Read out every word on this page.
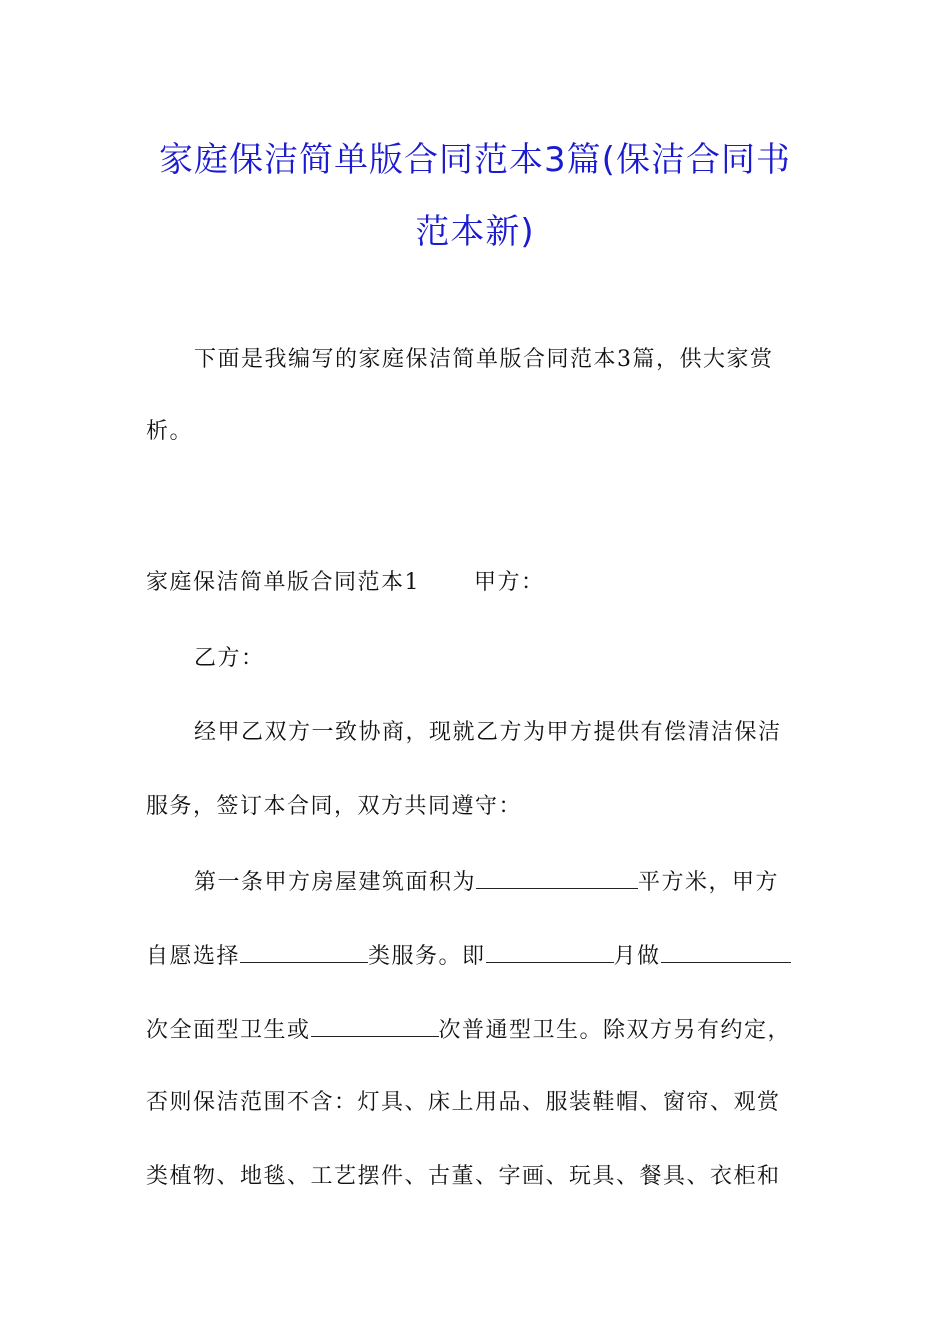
家庭保洁简单版合同范本3篇(保洁合同书
范本新)
下面是我编写的家庭保洁简单版合同范本3篇，供大家赏
析。
家庭保洁简单版合同范本1 甲方：
乙方：
经甲乙双方一致协商，现就乙方为甲方提供有偿清洁保洁
服务，签订本合同，双方共同遵守：
第一条甲方房屋建筑面积为	平方米，甲方
自愿选择	类服务。即	月做
次全面型卫生或	次普通型卫生。除双方另有约定，
否则保洁范围不含：灯具、床上用品、服装鞋帽、窗帘、观赏
类植物、地毯、工艺摆件、古董、字画、玩具、餐具、衣柜和
